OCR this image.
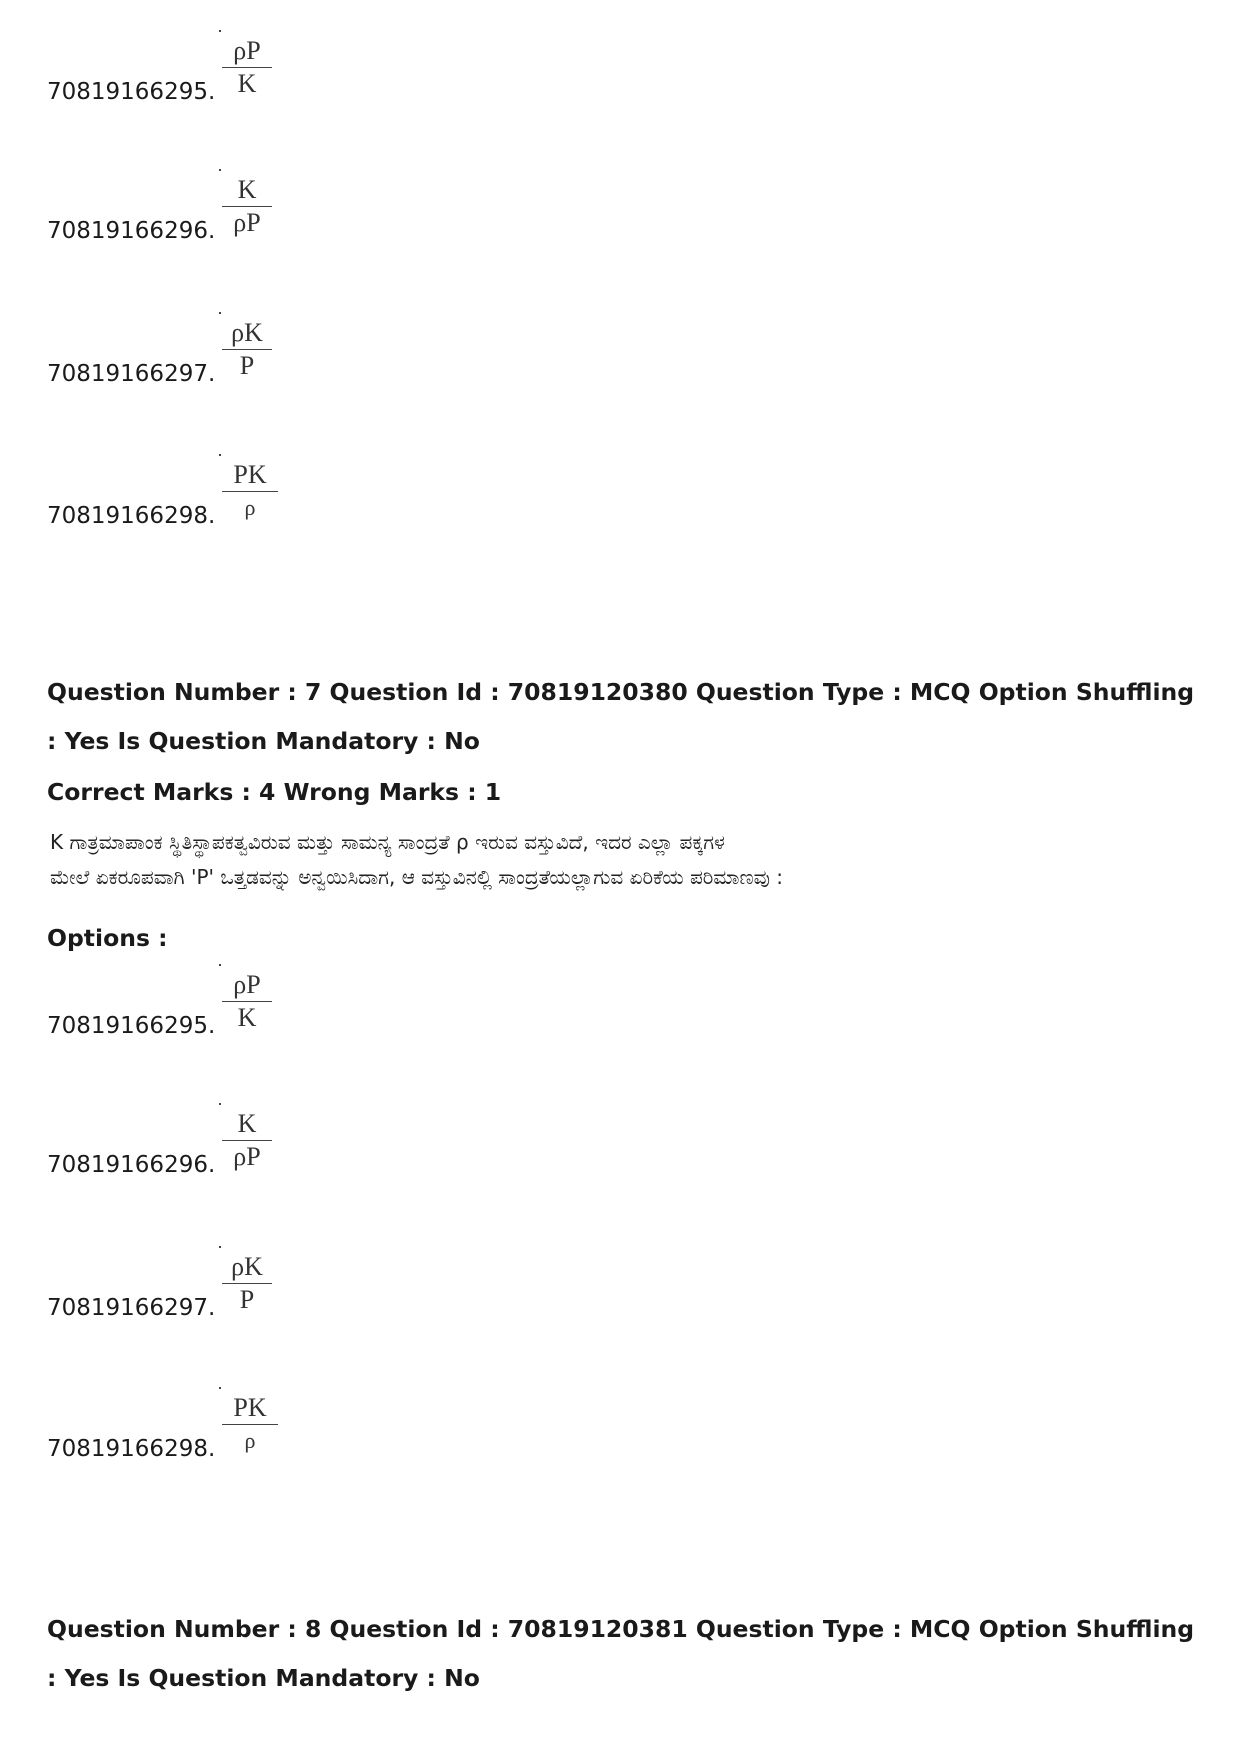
$\frac{\rho P}{K}$
70819166295.
$\frac{K}{\rho P}$
70819166296.
$\frac{\rho K}{P}$
70819166297.
PK
ρ
70819166298.
Question Number : 7 Question Id : 70819120380 Question Type : MCQ Option Shuffling : Yes Is Question Mandatory : No
Correct Marks : 4 Wrong Marks : 1
K ಗಾತ್ರಮಾಪಾಂಕ ಸ್ಥಿತಿಸ್ಥಾಪಕತ್ವವಿರುವ ಮತ್ತು ಸಾಮನ್ಯ ಸಾಂದ್ರತೆ ρ ಇರುವ ವಸ್ತುವಿದೆ, ಇದರ ಎಲ್ಲಾ ಪಕ್ಕಗಳ
ಮೇಲೆ ಏಕರೂಪವಾಗಿ 'P' ಒತ್ತಡವನ್ನು ಅನ್ವಯಿಸಿದಾಗ, ಆ ವಸ್ತುವಿನಲ್ಲಿ ಸಾಂದ್ರತೆಯಲ್ಲಾಗುವ ಏರಿಕೆಯ ಪರಿಮಾಣವು :
Options :
$\frac{\rho P}{K}$
70819166295.
$\frac{K}{\rho P}$
70819166296.
$\frac{\rho K}{P}$
70819166297.
PK
ρ
70819166298.
Question Number : 8 Question Id : 70819120381 Question Type : MCQ Option Shuffling : Yes Is Question Mandatory : No
